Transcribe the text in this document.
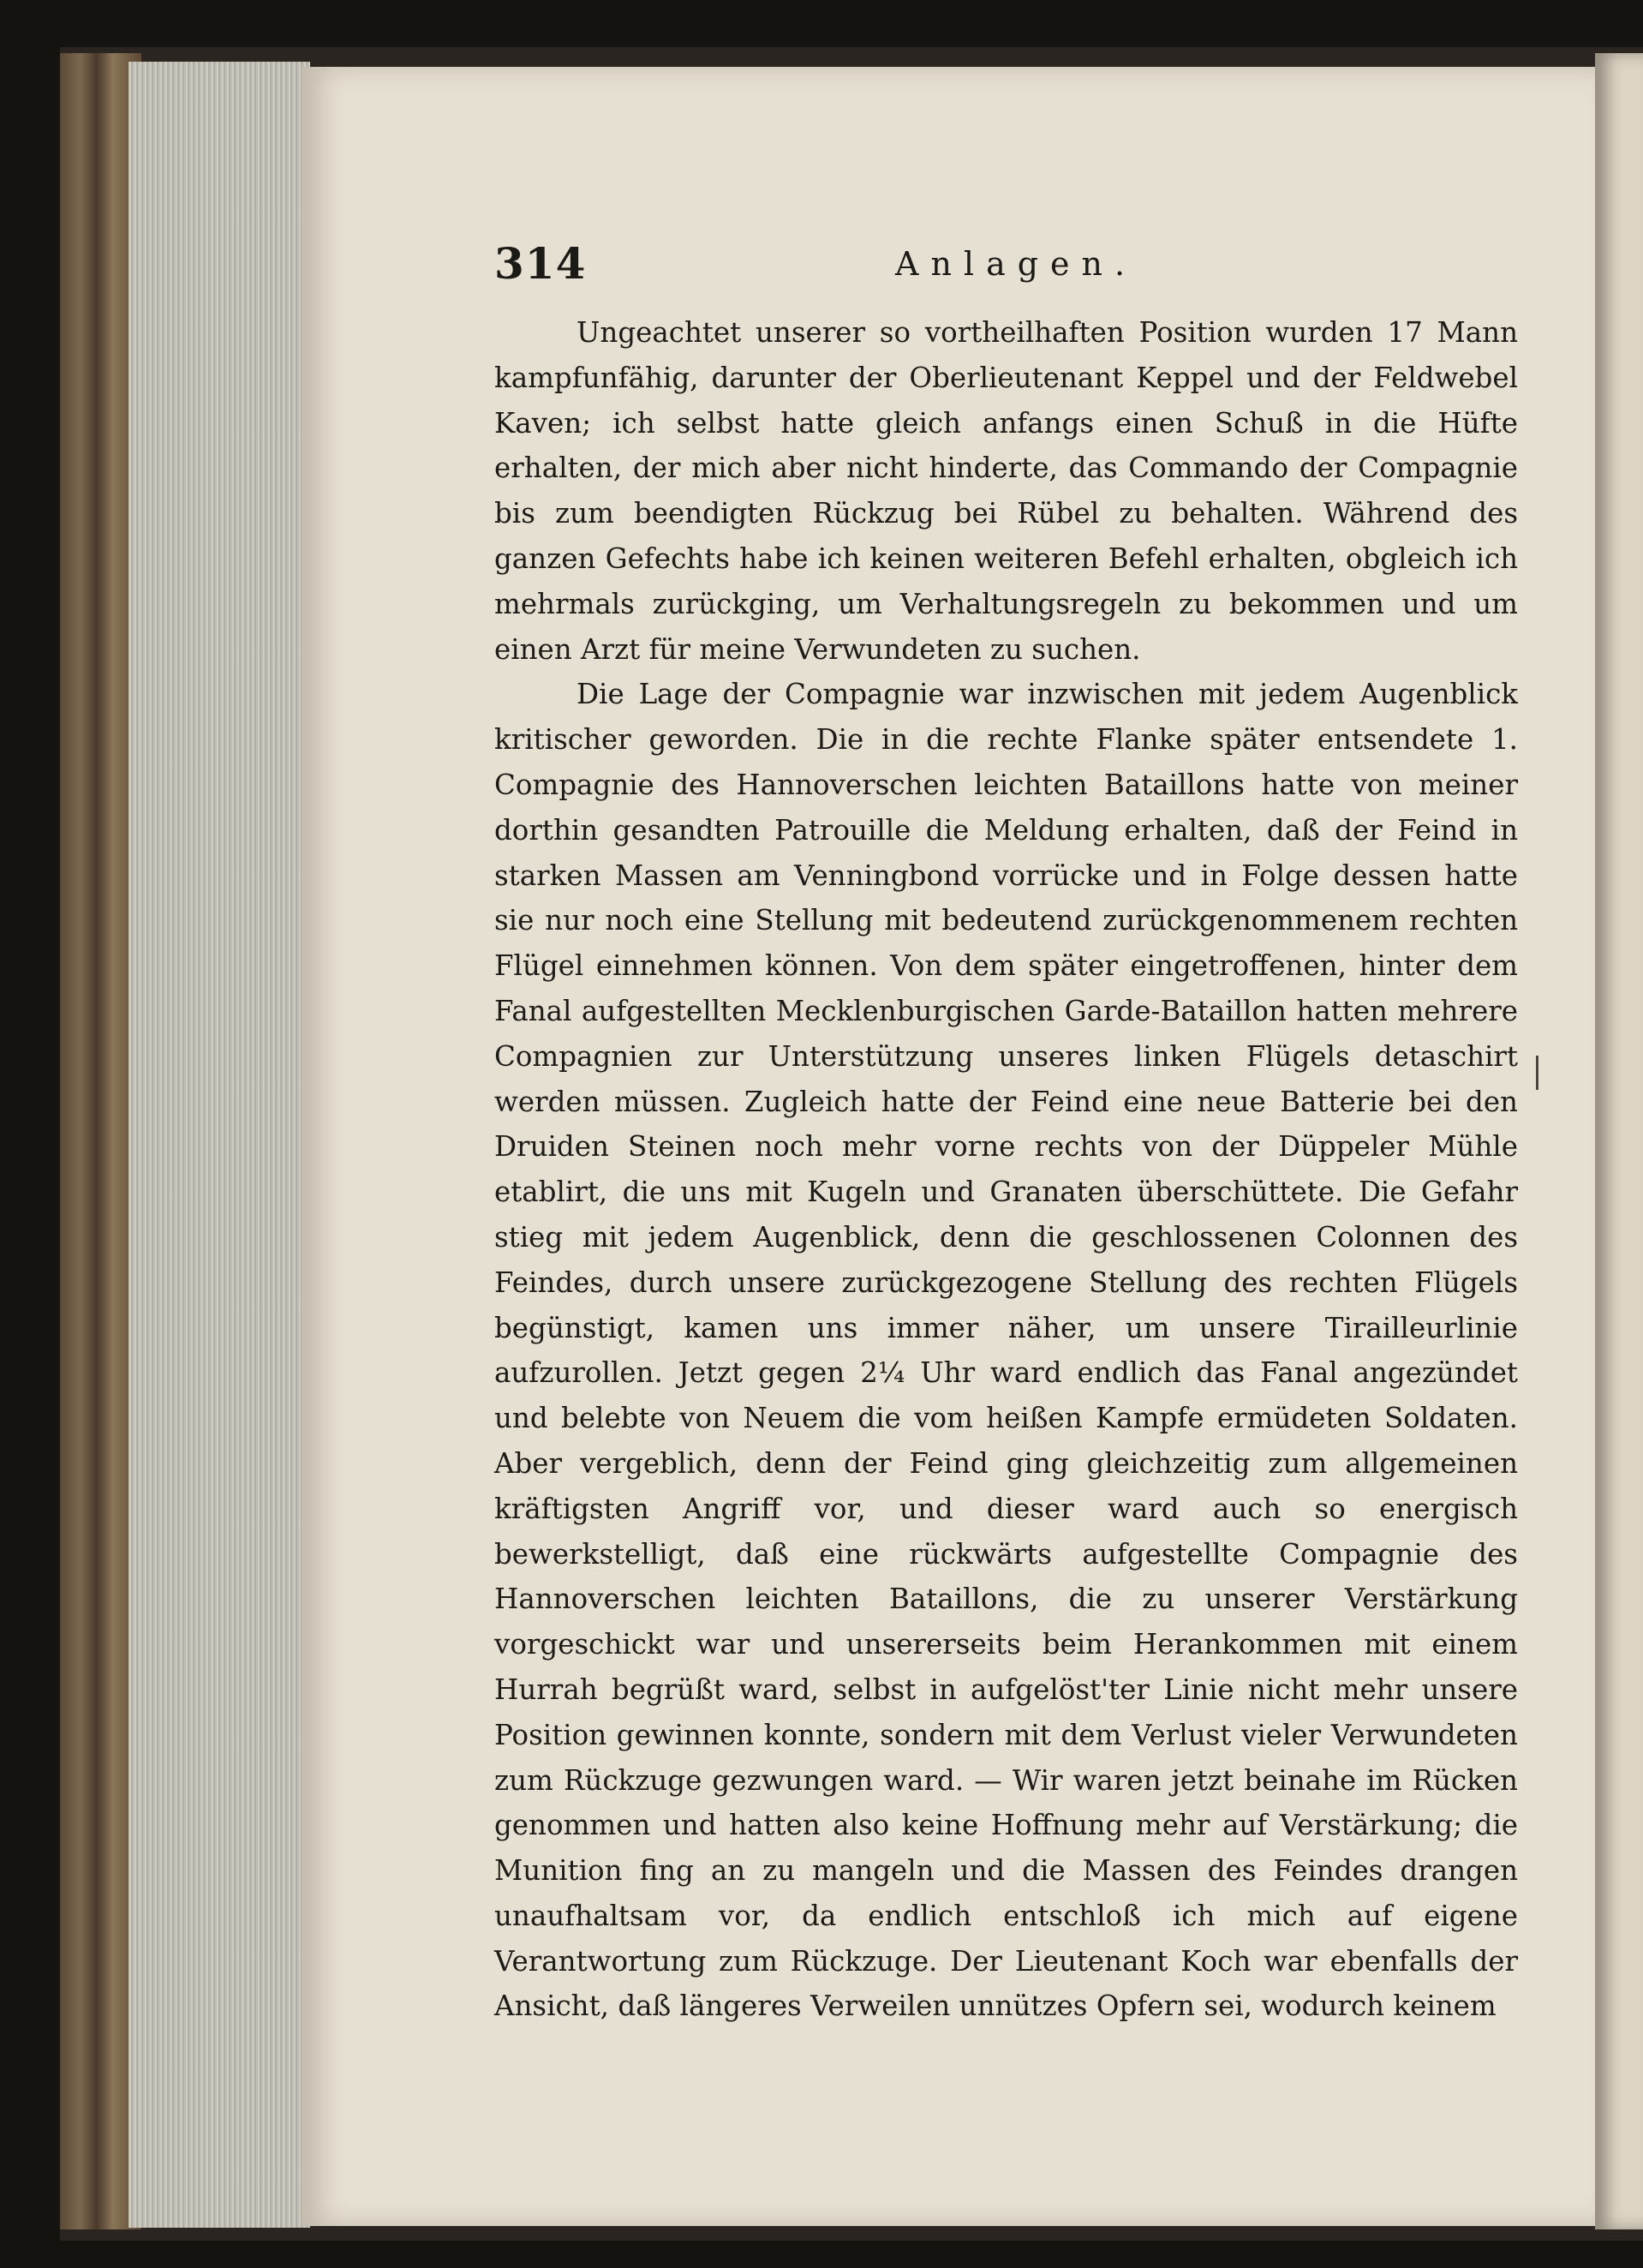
314	Anlagen.

Ungeachtet unserer so vortheilhaften Position wurden 17 Mann kampfunfähig, darunter der Oberlieutenant Keppel und der Feldwebel Kaven; ich selbst hatte gleich anfangs einen Schuß in die Hüfte erhalten, der mich aber nicht hinderte, das Commando der Compagnie bis zum beendigten Rückzug bei Rübel zu behalten. Während des ganzen Gefechts habe ich keinen weiteren Befehl erhalten, obgleich ich mehrmals zurückging, um Verhaltungsregeln zu bekommen und um einen Arzt für meine Verwundeten zu suchen.

Die Lage der Compagnie war inzwischen mit jedem Augenblick kritischer geworden. Die in die rechte Flanke später entsendete 1. Compagnie des Hannoverschen leichten Bataillons hatte von meiner dorthin gesandten Patrouille die Meldung erhalten, daß der Feind in starken Massen am Venningbond vorrücke und in Folge dessen hatte sie nur noch eine Stellung mit bedeutend zurückgenommenem rechten Flügel einnehmen können. Von dem später eingetroffenen, hinter dem Fanal aufgestellten Mecklenburgischen Garde-Bataillon hatten mehrere Compagnien zur Unterstützung unseres linken Flügels detaschirt werden müssen. Zugleich hatte der Feind eine neue Batterie bei den Druiden Steinen noch mehr vorne rechts von der Düppeler Mühle etablirt, die uns mit Kugeln und Granaten überschüttete. Die Gefahr stieg mit jedem Augenblick, denn die geschlossenen Colonnen des Feindes, durch unsere zurückgezogene Stellung des rechten Flügels begünstigt, kamen uns immer näher, um unsere Tirailleurlinie aufzurollen. Jetzt gegen 2¼ Uhr ward endlich das Fanal angezündet und belebte von Neuem die vom heißen Kampfe ermüdeten Soldaten. Aber vergeblich, denn der Feind ging gleichzeitig zum allgemeinen kräftigsten Angriff vor, und dieser ward auch so energisch bewerkstelligt, daß eine rückwärts aufgestellte Compagnie des Hannoverschen leichten Bataillons, die zu unserer Verstärkung vorgeschickt war und unsererseits beim Herankommen mit einem Hurrah begrüßt ward, selbst in aufgelöst'ter Linie nicht mehr unsere Position gewinnen konnte, sondern mit dem Verlust vieler Verwundeten zum Rückzuge gezwungen ward. — Wir waren jetzt beinahe im Rücken genommen und hatten also keine Hoffnung mehr auf Verstärkung; die Munition fing an zu mangeln und die Massen des Feindes drangen unaufhaltsam vor, da endlich entschloß ich mich auf eigene Verantwortung zum Rückzuge. Der Lieutenant Koch war ebenfalls der Ansicht, daß längeres Verweilen unnützes Opfern sei, wodurch keinem
